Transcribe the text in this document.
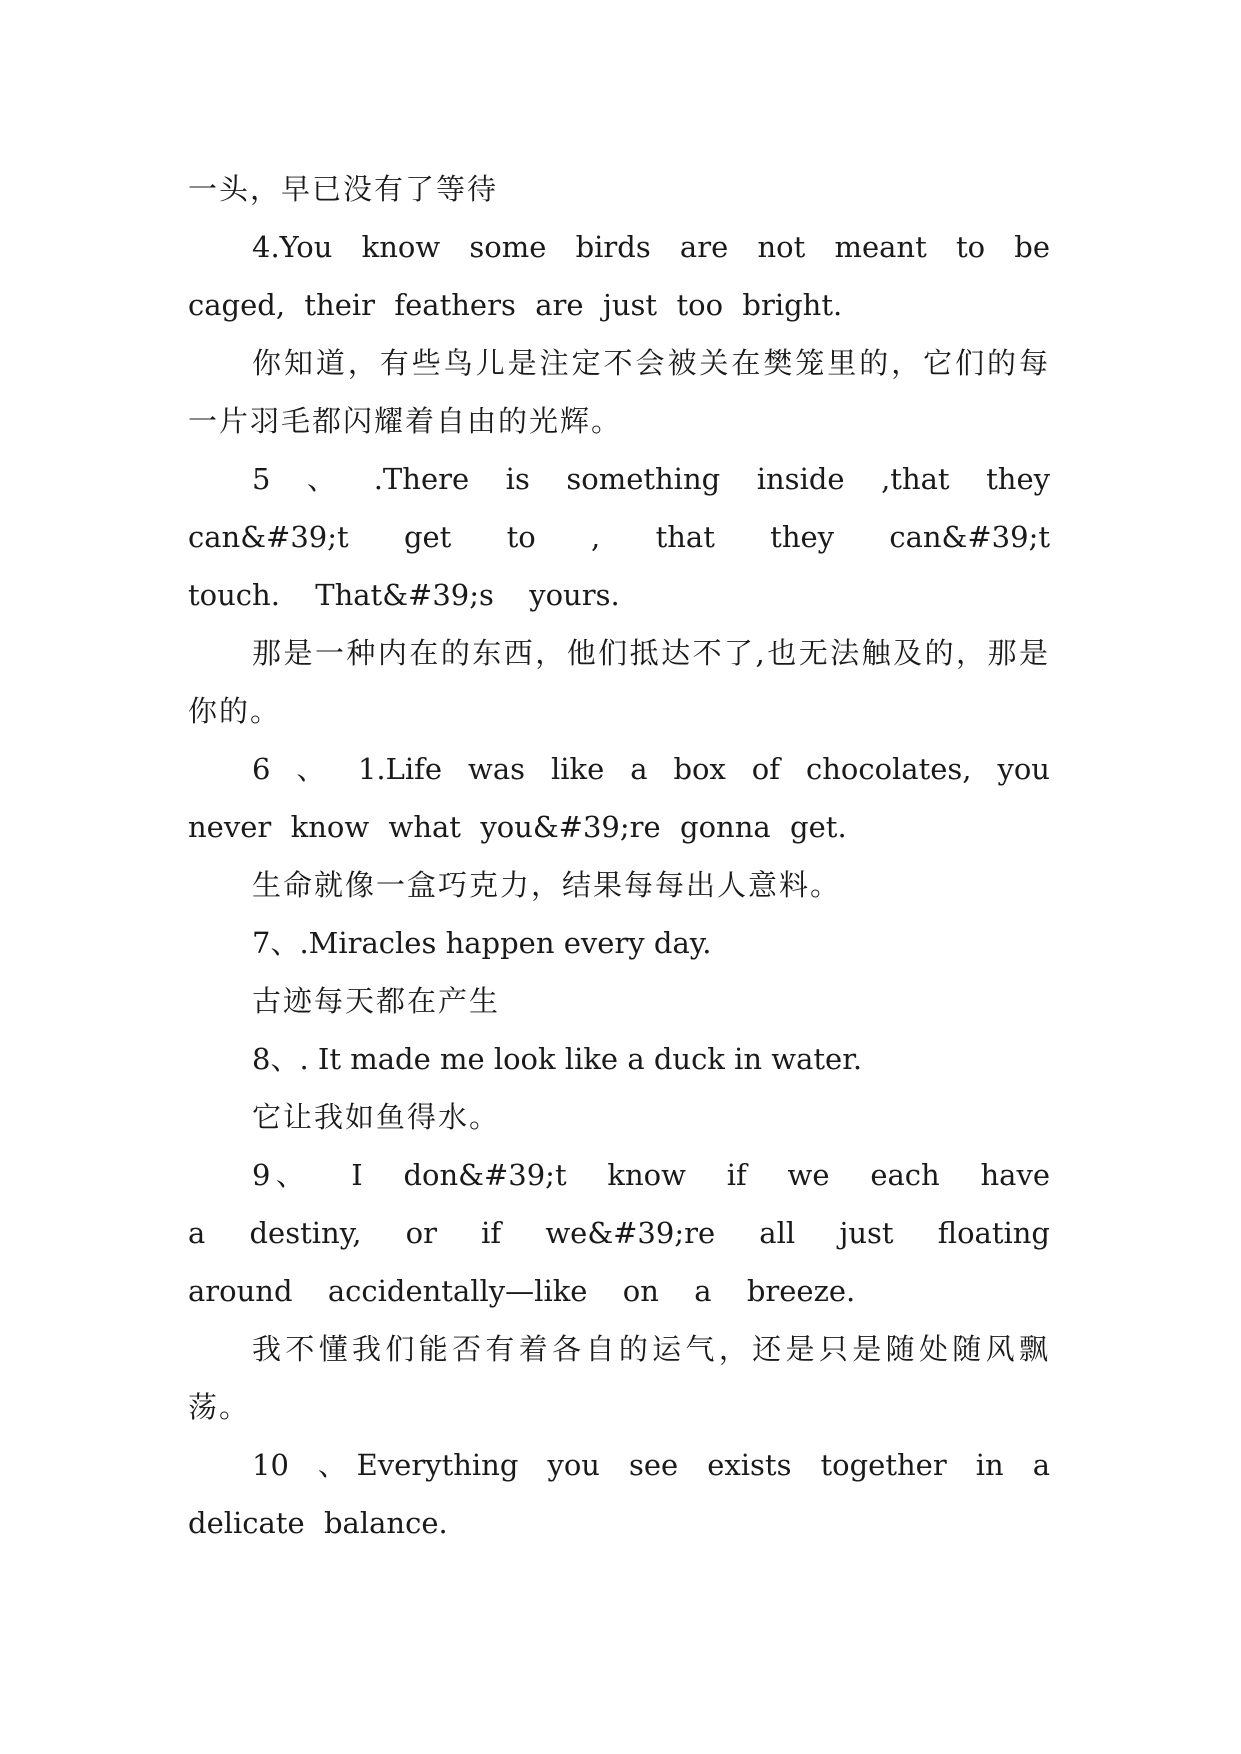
一头，早已没有了等待

4.You know some birds are not meant to be caged, their feathers are just too bright.

你知道，有些鸟儿是注定不会被关在樊笼里的，它们的每一片羽毛都闪耀着自由的光辉。

5 、 .There is something inside ,that they can&#39;t get to , that they can&#39;t touch. That&#39;s yours.

那是一种内在的东西，他们抵达不了,也无法触及的，那是你的。

6 、 1.Life was like a box of chocolates, you never know what you&#39;re gonna get.

生命就像一盒巧克力，结果每每出人意料。

7、.Miracles happen every day.

古迹每天都在产生

8、. It made me look like a duck in water.

它让我如鱼得水。

9、 I don&#39;t know if we each have a destiny, or if we&#39;re all just floating around accidentally—like on a breeze.

我不懂我们能否有着各自的运气，还是只是随处随风飘荡。

10 、Everything you see exists together in a delicate balance.
